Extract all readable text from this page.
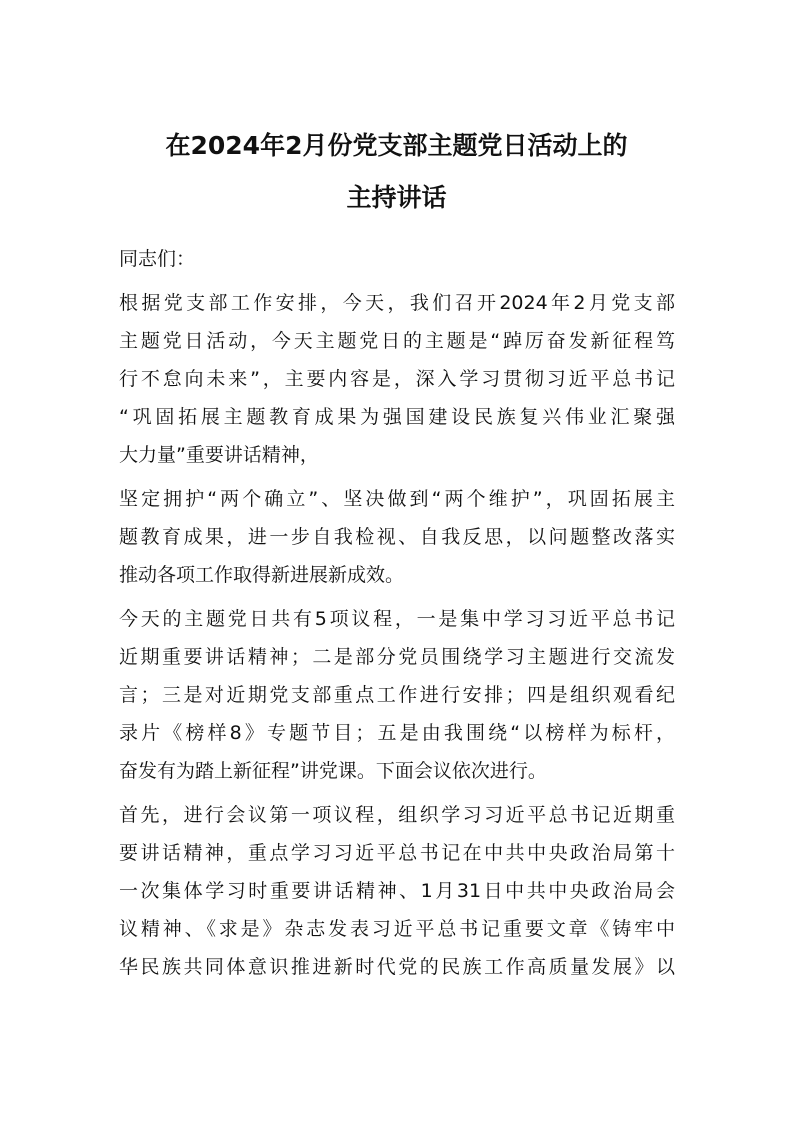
在2024年2月份党支部主题党日活动上的
主持讲话
同志们：
根据党支部工作安排，今天，我们召开2024年2月党支部
主题党日活动，今天主题党日的主题是“踔厉奋发新征程笃
行不怠向未来”，主要内容是，深入学习贯彻习近平总书记
“巩固拓展主题教育成果为强国建设民族复兴伟业汇聚强
大力量”重要讲话精神，
坚定拥护“两个确立”、坚决做到“两个维护”，巩固拓展主
题教育成果，进一步自我检视、自我反思，以问题整改落实
推动各项工作取得新进展新成效。
今天的主题党日共有5项议程，一是集中学习习近平总书记
近期重要讲话精神；二是部分党员围绕学习主题进行交流发
言；三是对近期党支部重点工作进行安排；四是组织观看纪
录片《榜样8》专题节目；五是由我围绕“以榜样为标杆，
奋发有为踏上新征程”讲党课。下面会议依次进行。
首先，进行会议第一项议程，组织学习习近平总书记近期重
要讲话精神，重点学习习近平总书记在中共中央政治局第十
一次集体学习时重要讲话精神、1月31日中共中央政治局会
议精神、《求是》杂志发表习近平总书记重要文章《铸牢中
华民族共同体意识推进新时代党的民族工作高质量发展》以
